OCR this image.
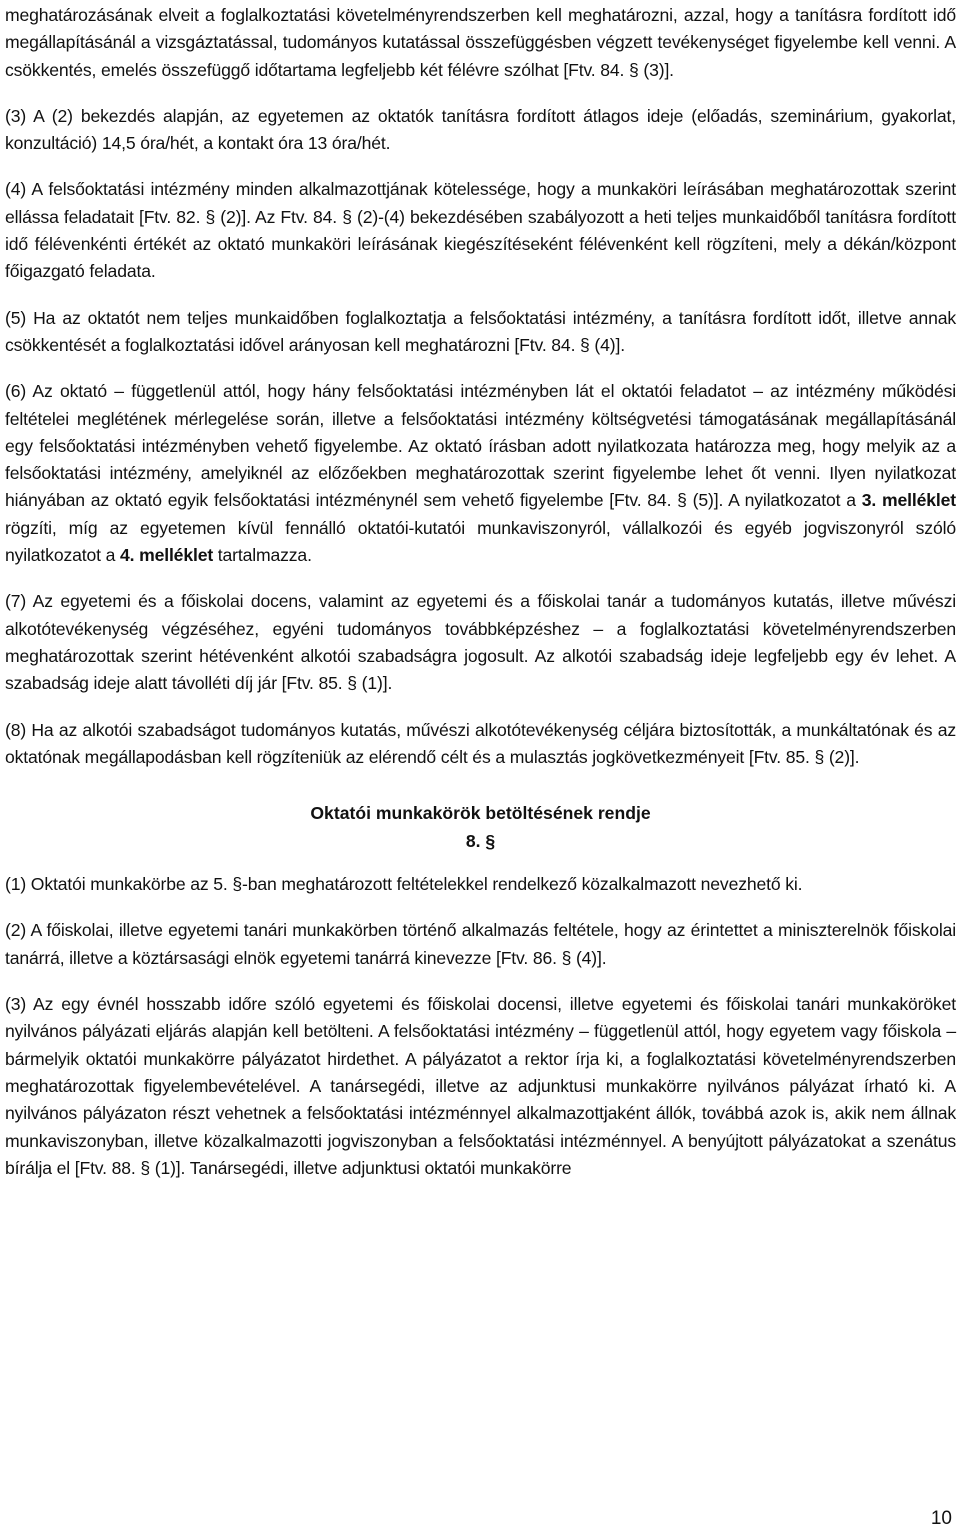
meghatározásának elveit a foglalkoztatási követelményrendszerben kell meghatározni, azzal, hogy a tanításra fordított idő megállapításánál a vizsgáztatással, tudományos kutatással összefüggésben végzett tevékenységet figyelembe kell venni. A csökkentés, emelés összefüggő időtartama legfeljebb két félévre szólhat [Ftv. 84. § (3)].

(3) A (2) bekezdés alapján, az egyetemen az oktatók tanításra fordított átlagos ideje (előadás, szeminárium, gyakorlat, konzultáció) 14,5 óra/hét, a kontakt óra 13 óra/hét.

(4) A felsőoktatási intézmény minden alkalmazottjának kötelessége, hogy a munkaköri leírásában meghatározottak szerint ellássa feladatait [Ftv. 82. § (2)]. Az Ftv. 84. § (2)-(4) bekezdésében szabályozott a heti teljes munkaidőből tanításra fordított idő félévenkénti értékét az oktató munkaköri leírásának kiegészítéseként félévenként kell rögzíteni, mely a dékán/központ főigazgató feladata.

(5) Ha az oktatót nem teljes munkaidőben foglalkoztatja a felsőoktatási intézmény, a tanításra fordított időt, illetve annak csökkentését a foglalkoztatási idővel arányosan kell meghatározni [Ftv. 84. § (4)].

(6) Az oktató – függetlenül attól, hogy hány felsőoktatási intézményben lát el oktatói feladatot – az intézmény működési feltételei meglétének mérlegelése során, illetve a felsőoktatási intézmény költségvetési támogatásának megállapításánál egy felsőoktatási intézményben vehető figyelembe. Az oktató írásban adott nyilatkozata határozza meg, hogy melyik az a felsőoktatási intézmény, amelyiknél az előzőekben meghatározottak szerint figyelembe lehet őt venni. Ilyen nyilatkozat hiányában az oktató egyik felsőoktatási intézménynél sem vehető figyelembe [Ftv. 84. § (5)]. A nyilatkozatot a 3. melléklet rögzíti, míg az egyetemen kívül fennálló oktatói-kutatói munkaviszonyról, vállalkozói és egyéb jogviszonyról szóló nyilatkozatot a 4. melléklet tartalmazza.

(7) Az egyetemi és a főiskolai docens, valamint az egyetemi és a főiskolai tanár a tudományos kutatás, illetve művészi alkotótevékenység végzéséhez, egyéni tudományos továbbképzéshez – a foglalkoztatási követelményrendszerben meghatározottak szerint hétévenként alkotói szabadságra jogosult. Az alkotói szabadság ideje legfeljebb egy év lehet. A szabadság ideje alatt távolléti díj jár [Ftv. 85. § (1)].

(8) Ha az alkotói szabadságot tudományos kutatás, művészi alkotótevékenység céljára biztosították, a munkáltatónak és az oktatónak megállapodásban kell rögzíteniük az elérendő célt és a mulasztás jogkövetkezményeit [Ftv. 85. § (2)].

Oktatói munkakörök betöltésének rendje

8. §

(1) Oktatói munkakörbe az 5. §-ban meghatározott feltételekkel rendelkező közalkalmazott nevezhető ki.

(2) A főiskolai, illetve egyetemi tanári munkakörben történő alkalmazás feltétele, hogy az érintettet a miniszterelnök főiskolai tanárrá, illetve a köztársasági elnök egyetemi tanárrá kinevezze [Ftv. 86. § (4)].

(3) Az egy évnél hosszabb időre szóló egyetemi és főiskolai docensi, illetve egyetemi és főiskolai tanári munkaköröket nyilvános pályázati eljárás alapján kell betölteni. A felsőoktatási intézmény – függetlenül attól, hogy egyetem vagy főiskola – bármelyik oktatói munkakörre pályázatot hirdethet. A pályázatot a rektor írja ki, a foglalkoztatási követelményrendszerben meghatározottak figyelembevételével. A tanársegédi, illetve az adjunktusi munkakörre nyilvános pályázat írható ki. A nyilvános pályázaton részt vehetnek a felsőoktatási intézménnyel alkalmazottjaként állók, továbbá azok is, akik nem állnak munkaviszonyban, illetve közalkalmazotti jogviszonyban a felsőoktatási intézménnyel. A benyújtott pályázatokat a szenátus bírálja el [Ftv. 88. § (1)]. Tanársegédi, illetve adjunktusi oktatói munkakörre

10
